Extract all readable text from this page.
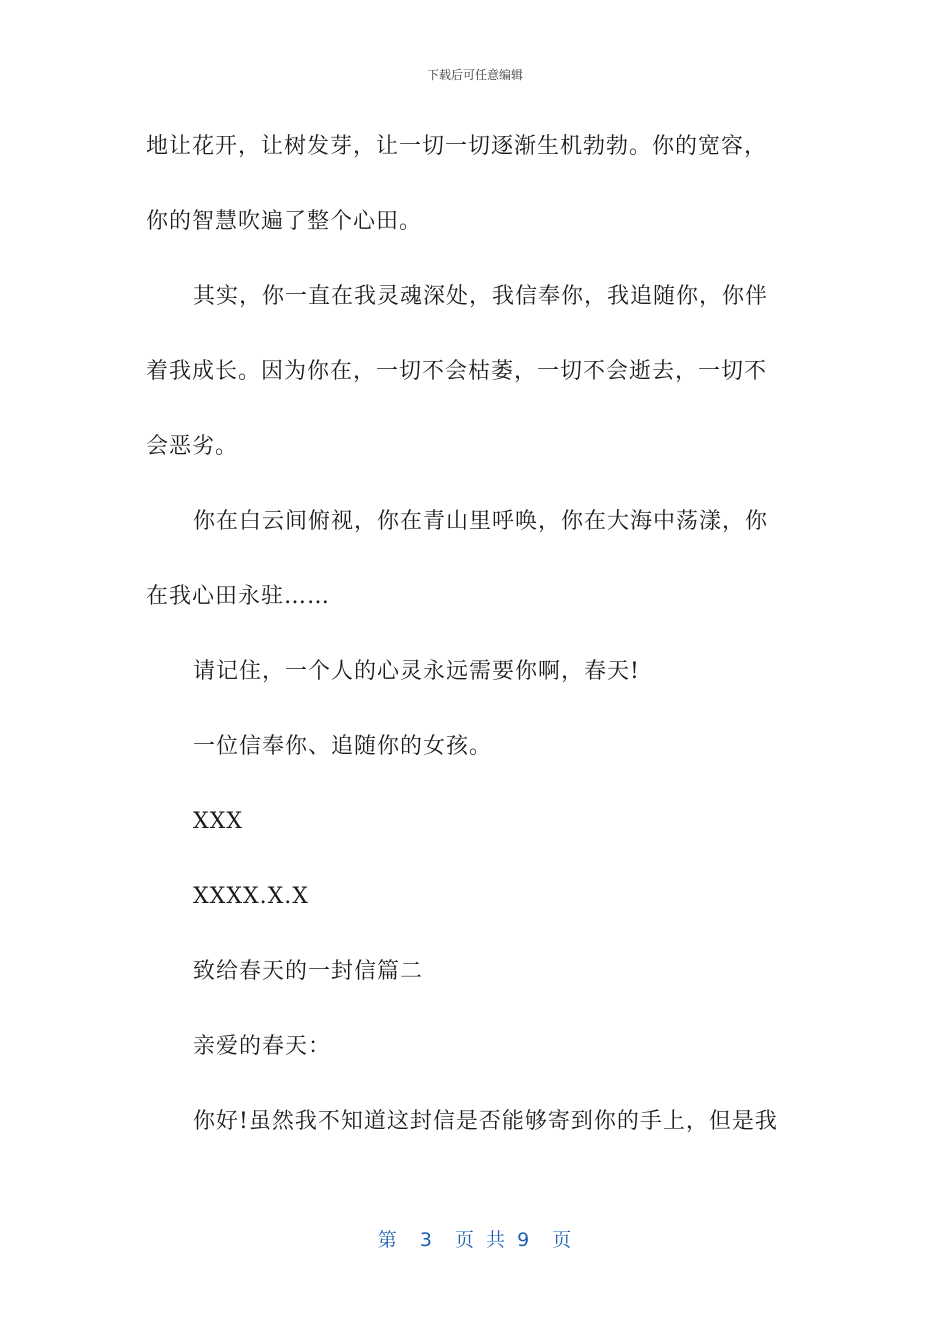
下载后可任意编辑
地让花开，让树发芽，让一切一切逐渐生机勃勃。你的宽容，
你的智慧吹遍了整个心田。
其实，你一直在我灵魂深处，我信奉你，我追随你，你伴
着我成长。因为你在，一切不会枯萎，一切不会逝去，一切不
会恶劣。
你在白云间俯视，你在青山里呼唤，你在大海中荡漾，你
在我心田永驻……
请记住，一个人的心灵永远需要你啊，春天!
一位信奉你、追随你的女孩。
XXX
XXXX.X.X
致给春天的一封信篇二
亲爱的春天：
你好!虽然我不知道这封信是否能够寄到你的手上，但是我
第  3  页 共 9  页
